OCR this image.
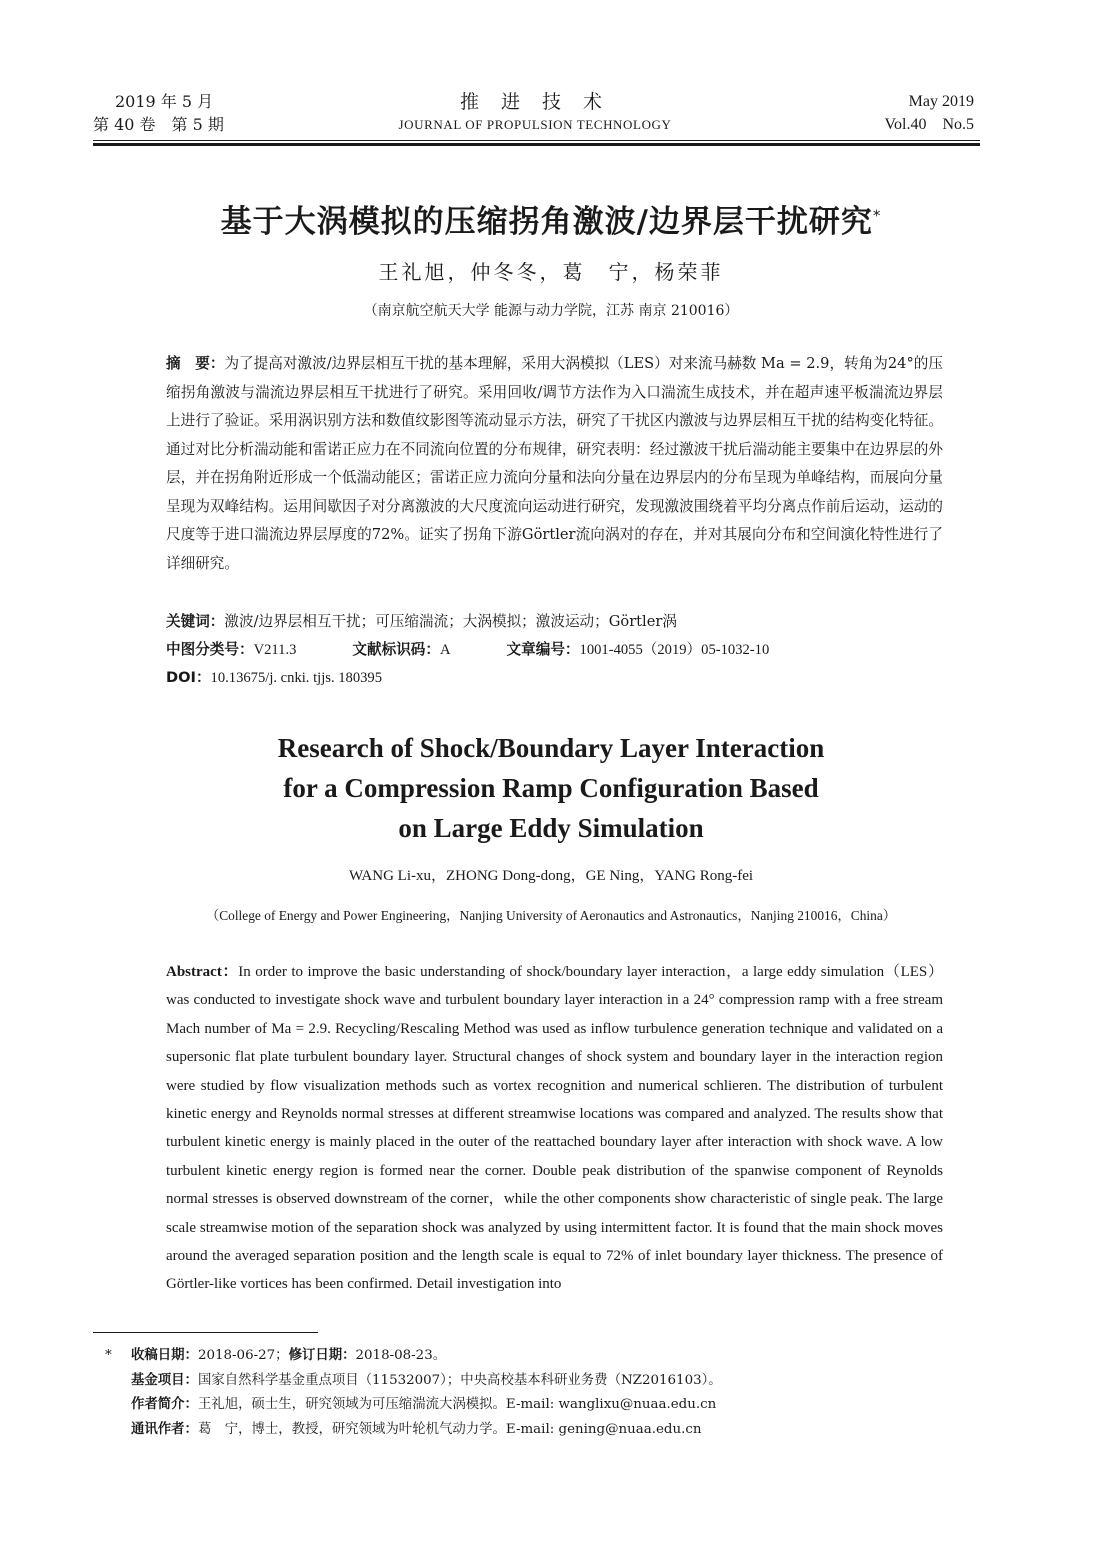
2019 年 5 月
第 40 卷　第 5 期
推 进 技 术
JOURNAL OF PROPULSION TECHNOLOGY
May 2019
Vol.40　No.5
基于大涡模拟的压缩拐角激波/边界层干扰研究*
王礼旭，仲冬冬，葛　宁，杨荣菲
（南京航空航天大学 能源与动力学院，江苏 南京 210016）
摘　要：为了提高对激波/边界层相互干扰的基本理解，采用大涡模拟（LES）对来流马赫数 Ma = 2.9，转角为24°的压缩拐角激波与湍流边界层相互干扰进行了研究。采用回收/调节方法作为入口湍流生成技术，并在超声速平板湍流边界层上进行了验证。采用涡识别方法和数值纹影图等流动显示方法，研究了干扰区内激波与边界层相互干扰的结构变化特征。通过对比分析湍动能和雷诺正应力在不同流向位置的分布规律，研究表明：经过激波干扰后湍动能主要集中在边界层的外层，并在拐角附近形成一个低湍动能区；雷诺正应力流向分量和法向分量在边界层内的分布呈现为单峰结构，而展向分量呈现为双峰结构。运用间歇因子对分离激波的大尺度流向运动进行研究，发现激波围绕着平均分离点作前后运动，运动的尺度等于进口湍流边界层厚度的72%。证实了拐角下游Görtler流向涡对的存在，并对其展向分布和空间演化特性进行了详细研究。
关键词：激波/边界层相互干扰；可压缩湍流；大涡模拟；激波运动；Görtler涡
中图分类号：V211.3	文献标识码：A	文章编号：1001-4055（2019）05-1032-10
DOI：10.13675/j. cnki. tjjs. 180395
Research of Shock/Boundary Layer Interaction
for a Compression Ramp Configuration Based
on Large Eddy Simulation
WANG Li-xu，ZHONG Dong-dong，GE Ning，YANG Rong-fei
（College of Energy and Power Engineering，Nanjing University of Aeronautics and Astronautics，Nanjing 210016，China）
Abstract：In order to improve the basic understanding of shock/boundary layer interaction，a large eddy simulation（LES）was conducted to investigate shock wave and turbulent boundary layer interaction in a 24° compression ramp with a free stream Mach number of Ma = 2.9. Recycling/Rescaling Method was used as inflow turbulence generation technique and validated on a supersonic flat plate turbulent boundary layer. Structural changes of shock system and boundary layer in the interaction region were studied by flow visualization methods such as vortex recognition and numerical schlieren. The distribution of turbulent kinetic energy and Reynolds normal stresses at different streamwise locations was compared and analyzed. The results show that turbulent kinetic energy is mainly placed in the outer of the reattached boundary layer after interaction with shock wave. A low turbulent kinetic energy region is formed near the corner. Double peak distribution of the spanwise component of Reynolds normal stresses is observed downstream of the corner，while the other components show characteristic of single peak. The large scale streamwise motion of the separation shock was analyzed by using intermittent factor. It is found that the main shock moves around the averaged separation position and the length scale is equal to 72% of inlet boundary layer thickness. The presence of Görtler-like vortices has been confirmed. Detail investigation into
* 收稿日期：2018-06-27；修订日期：2018-08-23。
基金项目：国家自然科学基金重点项目（11532007）；中央高校基本科研业务费（NZ2016103）。
作者简介：王礼旭，硕士生，研究领域为可压缩湍流大涡模拟。E-mail: wanglixu@nuaa.edu.cn
通讯作者：葛　宁，博士，教授，研究领域为叶轮机气动力学。E-mail: gening@nuaa.edu.cn
